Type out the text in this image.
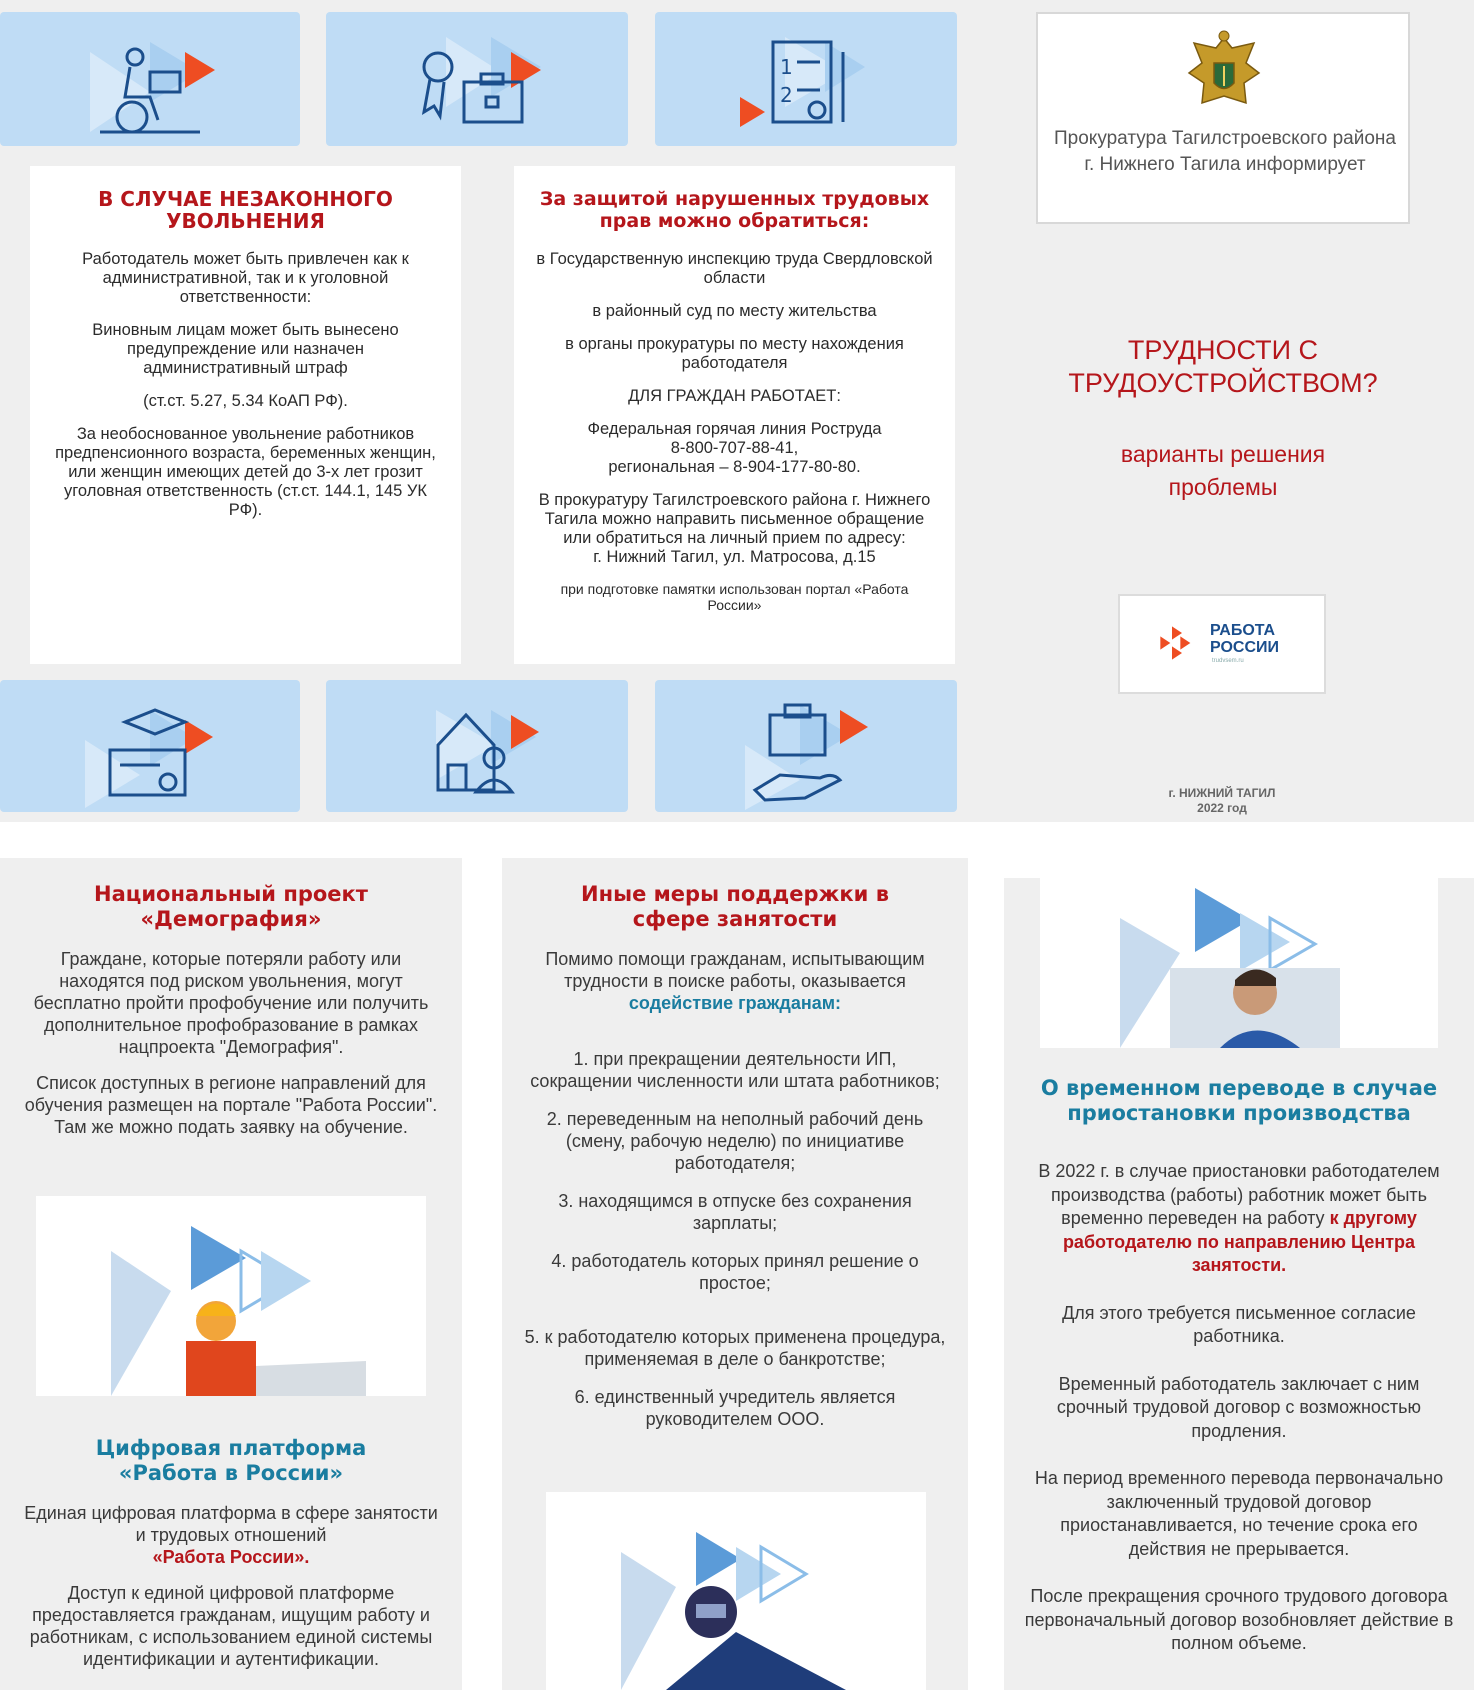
1
2
В СЛУЧАЕ НЕЗАКОННОГО УВОЛЬНЕНИЯ

Работодатель может быть привлечен как к административной, так и к уголовной ответственности:

Виновным лицам может быть вынесено предупреждение или назначен административный штраф

(ст.ст. 5.27, 5.34 КоАП РФ).

За необоснованное увольнение работников предпенсионного возраста, беременных женщин, или женщин имеющих детей до 3-х лет грозит уголовная ответственность (ст.ст. 144.1, 145 УК РФ).

За защитой нарушенных трудовых прав можно обратиться:

в Государственную инспекцию труда Свердловской области

в районный суд по месту жительства

в органы прокуратуры по месту нахождения работодателя

ДЛЯ ГРАЖДАН РАБОТАЕТ:

Федеральная горячая линия Роструда
8-800-707-88-41,
региональная – 8-904-177-80-80.

В прокуратуру Тагилстроевского района г. Нижнего Тагила можно направить письменное обращение или обратиться на личный прием по адресу:
г. Нижний Тагил, ул. Матросова, д.15

при подготовке памятки использован портал «Работа России»

Прокуратура Тагилстроевского района г. Нижнего Тагила информирует
ТРУДНОСТИ С ТРУДОУСТРОЙСТВОМ?
варианты решения проблемы
РАБОТА
РОССИИ
trudvsem.ru
г. НИЖНИЙ ТАГИЛ
2022 год
Национальный проект «Демография»

Граждане, которые потеряли работу или находятся под риском увольнения, могут бесплатно пройти профобучение или получить дополнительное профобразование в рамках нацпроекта "Демография".

Список доступных в регионе направлений для обучения размещен на портале "Работа России". Там же можно подать заявку на обучение.

Цифровая платформа «Работа в России»

Единая цифровая платформа в сфере занятости и трудовых отношений
«Работа России».

Доступ к единой цифровой платформе предоставляется гражданам, ищущим работу и работникам, с использованием единой системы идентификации и аутентификации.

Иные меры поддержки в сфере занятости
Помимо помощи гражданам, испытывающим трудности в поиске работы, оказывается
содействие гражданам:

1. при прекращении деятельности ИП, сокращении численности или штата работников;

2. переведенным на неполный рабочий день (смену, рабочую неделю) по инициативе работодателя;

3. находящимся в отпуске без сохранения зарплаты;

4. работодатель которых принял решение о простое;

5. к работодателю которых применена процедура, применяемая в деле о банкротстве;

6. единственный учредитель является руководителем ООО.

О временном переводе в случае приостановки производства

В 2022 г. в случае приостановки работодателем производства (работы) работник может быть временно переведен на работу к другому работодателю по направлению Центра занятости.

Для этого требуется письменное согласие работника.

Временный работодатель заключает с ним срочный трудовой договор с возможностью продления.

На период временного перевода первоначально заключенный трудовой договор приостанавливается, но течение срока его действия не прерывается.

После прекращения срочного трудового договора первоначальный договор возобновляет действие в полном объеме.
